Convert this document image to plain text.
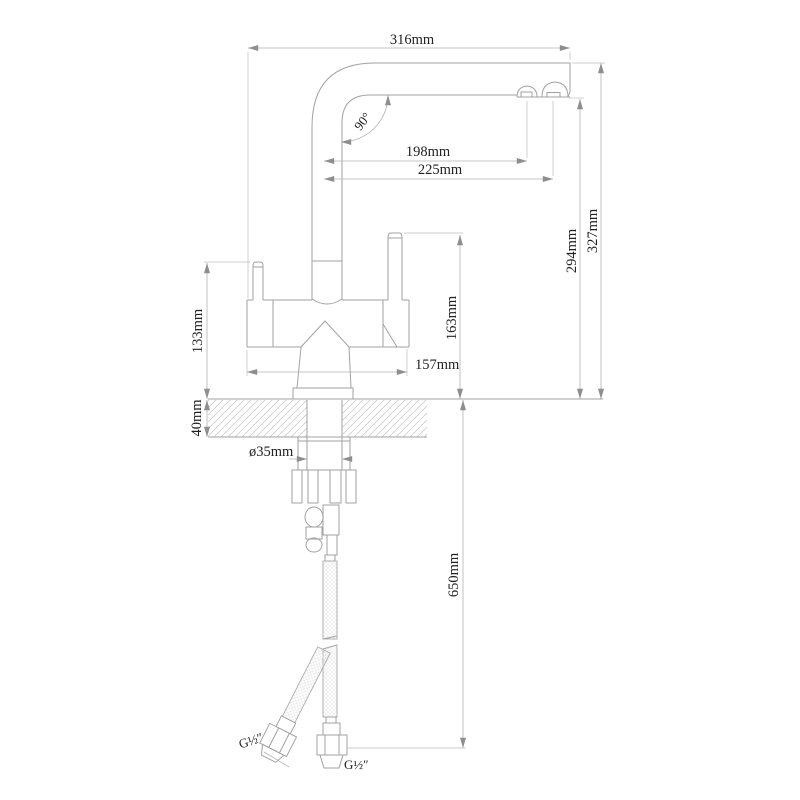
316mm
90°
198mm
225mm
327mm
294mm
163mm
133mm
157mm
40mm
ø35mm
650mm
G½″
G½″
